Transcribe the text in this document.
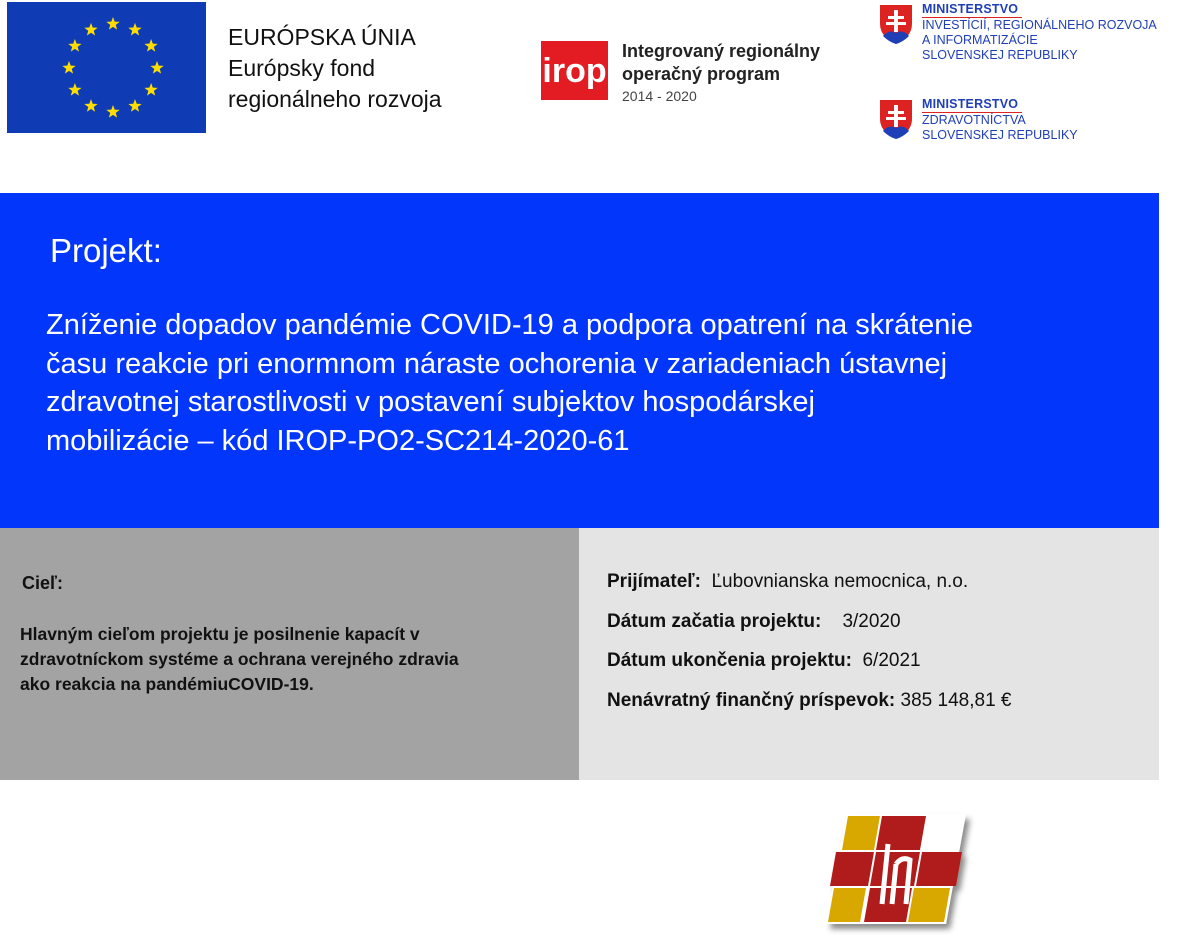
EURÓPSKA ÚNIA
Európsky fond
regionálneho rozvoja
irop
Integrovaný regionálny
operačný program
2014 - 2020
MINISTERSTVO
INVESTÍCIÍ, REGIONÁLNEHO ROZVOJA
A INFORMATIZÁCIE
SLOVENSKEJ REPUBLIKY
MINISTERSTVO
ZDRAVOTNÍCTVA
SLOVENSKEJ REPUBLIKY
Projekt:
Zníženie dopadov pandémie COVID-19 a podpora opatrení na skrátenie
času reakcie pri enormnom náraste ochorenia v zariadeniach ústavnej
zdravotnej starostlivosti v postavení subjektov hospodárskej
mobilizácie – kód IROP-PO2-SC214-2020-61
Cieľ:
Hlavným cieľom projektu je posilnenie kapacít v
zdravotníckom systéme a ochrana verejného zdravia
ako reakcia na pandémiuCOVID-19.
Prijímateľ: Ľubovnianska nemocnica, n.o.
Dátum začatia projektu: 3/2020
Dátum ukončenia projektu: 6/2021
Nenávratný finančný príspevok: 385 148,81 €
